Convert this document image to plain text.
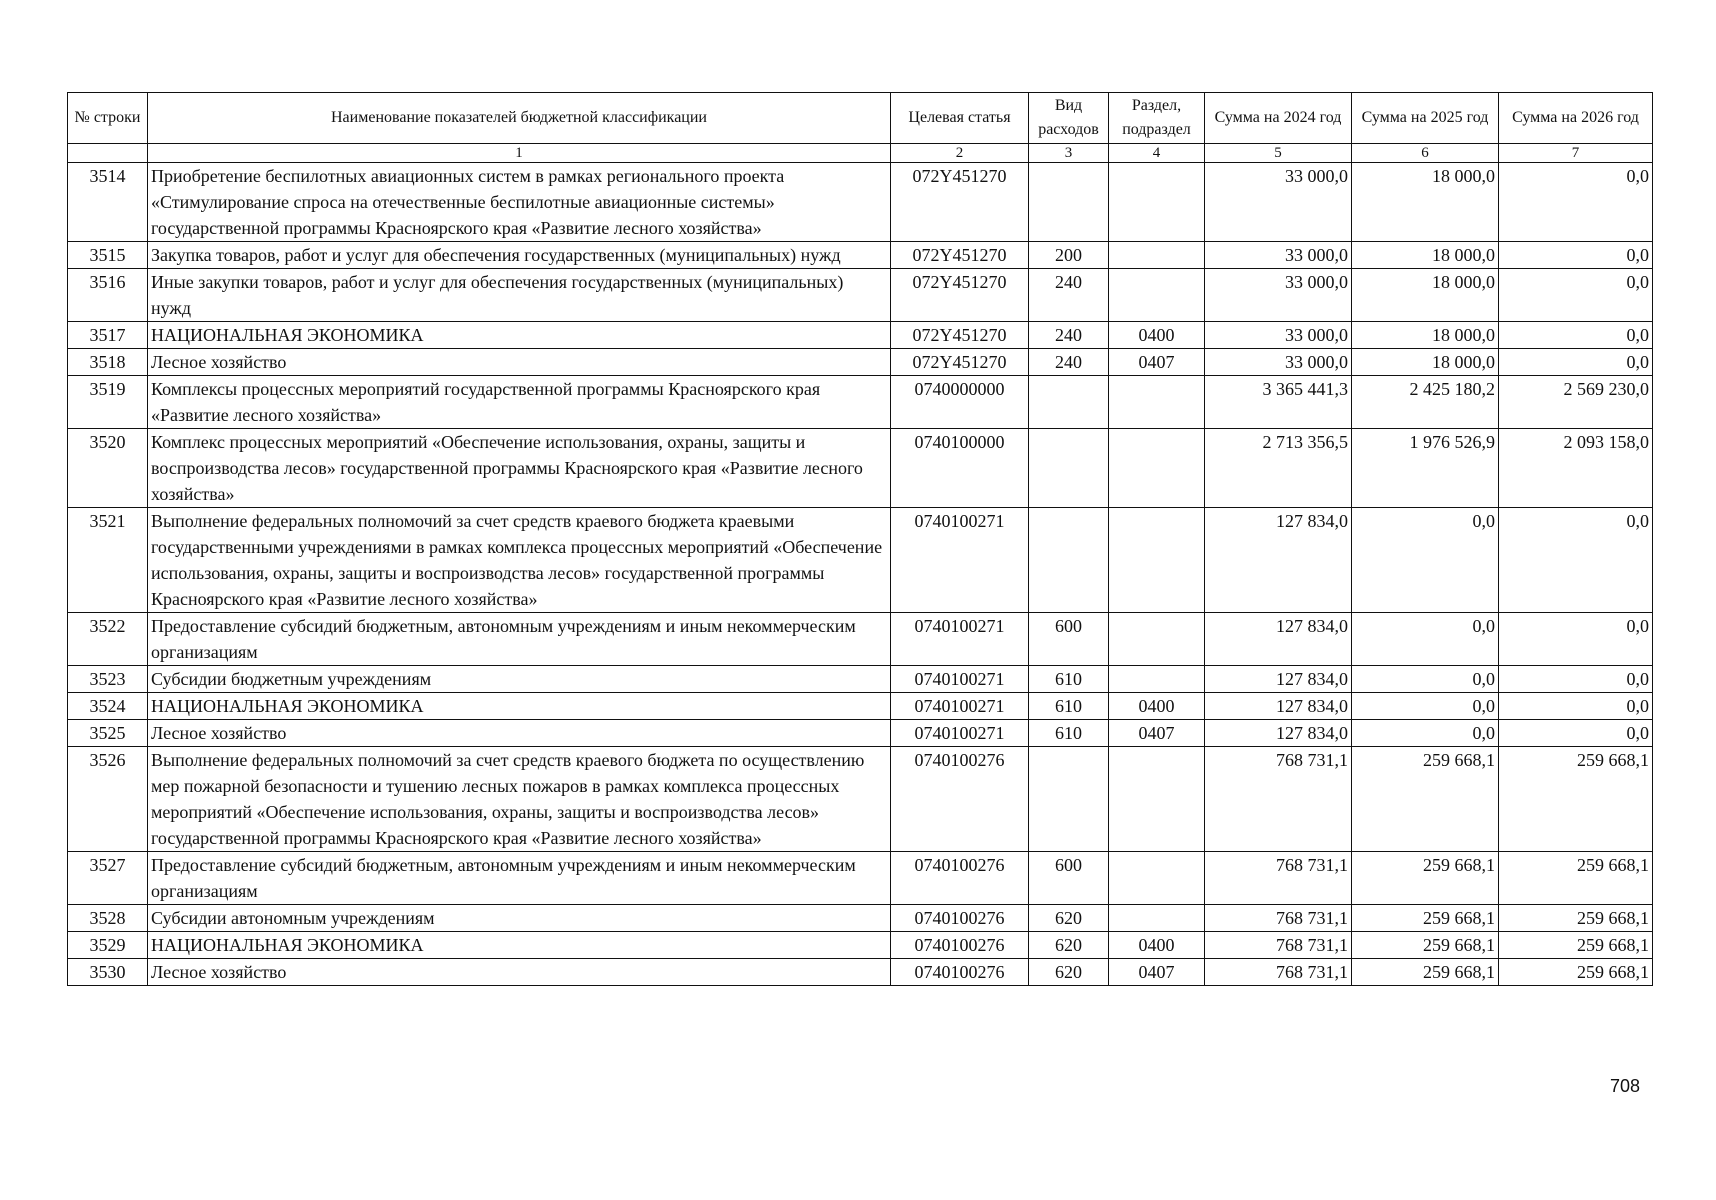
№ строки	Наименование показателей бюджетной классификации	Целевая статья	Вид расходов	Раздел, подраздел	Сумма на 2024 год	Сумма на 2025 год	Сумма на 2026 год
	1	2	3	4	5	6	7
3514	Приобретение беспилотных авиационных систем в рамках регионального проекта «Стимулирование спроса на отечественные беспилотные авиационные системы» государственной программы Красноярского края «Развитие лесного хозяйства»	072Y451270			33 000,0	18 000,0	0,0
3515	Закупка товаров, работ и услуг для обеспечения государственных (муниципальных) нужд	072Y451270	200		33 000,0	18 000,0	0,0
3516	Иные закупки товаров, работ и услуг для обеспечения государственных (муниципальных) нужд	072Y451270	240		33 000,0	18 000,0	0,0
3517	НАЦИОНАЛЬНАЯ ЭКОНОМИКА	072Y451270	240	0400	33 000,0	18 000,0	0,0
3518	Лесное хозяйство	072Y451270	240	0407	33 000,0	18 000,0	0,0
3519	Комплексы процессных мероприятий государственной программы Красноярского края «Развитие лесного хозяйства»	0740000000			3 365 441,3	2 425 180,2	2 569 230,0
3520	Комплекс процессных мероприятий «Обеспечение использования, охраны, защиты и воспроизводства лесов» государственной программы Красноярского края «Развитие лесного хозяйства»	0740100000			2 713 356,5	1 976 526,9	2 093 158,0
3521	Выполнение федеральных полномочий за счет средств краевого бюджета краевыми государственными учреждениями в рамках комплекса процессных мероприятий «Обеспечение использования, охраны, защиты и воспроизводства лесов» государственной программы Красноярского края «Развитие лесного хозяйства»	0740100271			127 834,0	0,0	0,0
3522	Предоставление субсидий бюджетным, автономным учреждениям и иным некоммерческим организациям	0740100271	600		127 834,0	0,0	0,0
3523	Субсидии бюджетным учреждениям	0740100271	610		127 834,0	0,0	0,0
3524	НАЦИОНАЛЬНАЯ ЭКОНОМИКА	0740100271	610	0400	127 834,0	0,0	0,0
3525	Лесное хозяйство	0740100271	610	0407	127 834,0	0,0	0,0
3526	Выполнение федеральных полномочий за счет средств краевого бюджета по осуществлению мер пожарной безопасности и тушению лесных пожаров в рамках комплекса процессных мероприятий «Обеспечение использования, охраны, защиты и воспроизводства лесов» государственной программы Красноярского края «Развитие лесного хозяйства»	0740100276			768 731,1	259 668,1	259 668,1
3527	Предоставление субсидий бюджетным, автономным учреждениям и иным некоммерческим организациям	0740100276	600		768 731,1	259 668,1	259 668,1
3528	Субсидии автономным учреждениям	0740100276	620		768 731,1	259 668,1	259 668,1
3529	НАЦИОНАЛЬНАЯ ЭКОНОМИКА	0740100276	620	0400	768 731,1	259 668,1	259 668,1
3530	Лесное хозяйство	0740100276	620	0407	768 731,1	259 668,1	259 668,1
708
